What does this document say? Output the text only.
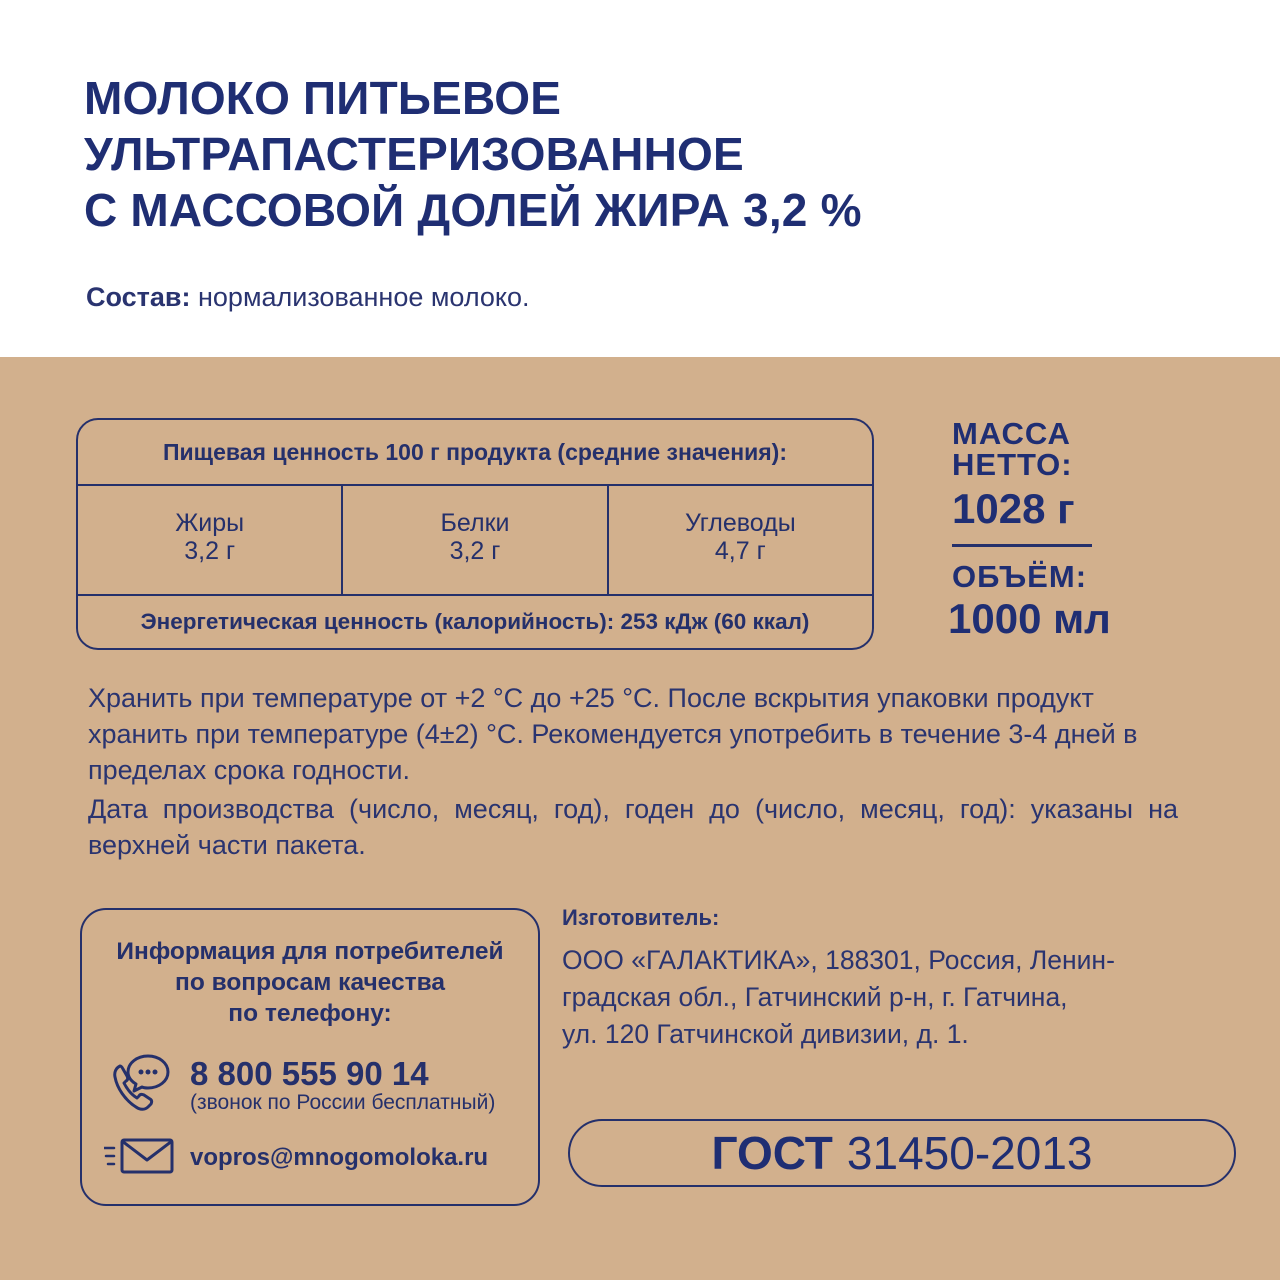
МОЛОКО ПИТЬЕВОЕ
УЛЬТРАПАСТЕРИЗОВАННОЕ
С МАССОВОЙ ДОЛЕЙ ЖИРА 3,2 %
Состав: нормализованное молоко.
Пищевая ценность 100 г продукта (средние значения):
Жиры
3,2 г
Белки
3,2 г
Углеводы
4,7 г
Энергетическая ценность (калорийность): 253 кДж (60 ккал)
МАССА
НЕТТО:
1028 г
ОБЪЁМ:
1000 мл

Хранить при температуре от +2 °С до +25 °С. После вскрытия упаковки продукт хранить при температуре (4±2) °С. Рекомендуется употребить в течение 3-4 дней в пределах срока годности.

Дата производства (число, месяц, год), годен до (число, месяц, год): указаны на верхней части пакета.

Информация для потребителей
по вопросам качества
по телефону:
8 800 555 90 14
(звонок по России бесплатный)
vopros@mnogomoloka.ru
Изготовитель:
ООО «ГАЛАКТИКА», 188301, Россия, Ленин-
градская обл., Гатчинский р-н, г. Гатчина,
ул. 120 Гатчинской дивизии, д. 1.
ГОСТ 31450-2013
